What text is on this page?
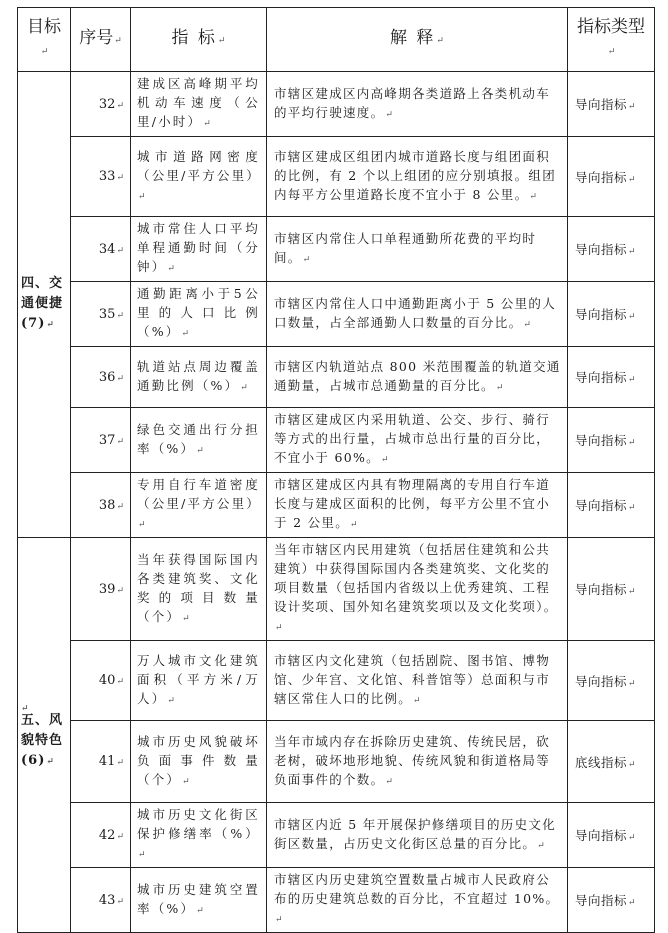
目标↵	序号↵	指 标↵	解 释↵	指标类型↵
四、交通便捷(7)↵	32↵	建成区高峰期平均机动车速度（公里/小时）↵	市辖区建成区内高峰期各类道路上各类机动车的平均行驶速度。↵	导向指标↵
	33↵	城市道路网密度（公里/平方公里）↵	市辖区建成区组团内城市道路长度与组团面积的比例，有 2 个以上组团的应分别填报。组团内每平方公里道路长度不宜小于 8 公里。↵	导向指标↵
	34↵	城市常住人口平均单程通勤时间（分钟）↵	市辖区内常住人口单程通勤所花费的平均时间。↵	导向指标↵
	35↵	通勤距离小于5公里的人口比例（%）↵	市辖区内常住人口中通勤距离小于 5 公里的人口数量，占全部通勤人口数量的百分比。↵	导向指标↵
	36↵	轨道站点周边覆盖通勤比例（%）↵	市辖区内轨道站点 800 米范围覆盖的轨道交通通勤量，占城市总通勤量的百分比。↵	导向指标↵
	37↵	绿色交通出行分担率（%）↵	市辖区建成区内采用轨道、公交、步行、骑行等方式的出行量，占城市总出行量的百分比，不宜小于 60%。↵	导向指标↵
	38↵	专用自行车道密度（公里/平方公里）↵	市辖区建成区内具有物理隔离的专用自行车道长度与建成区面积的比例，每平方公里不宜小于 2 公里。↵	导向指标↵

↵
五、风貌特色(6)↵	39↵	当年获得国际国内各类建筑奖、文化奖的项目数量（个）↵	当年市辖区内民用建筑（包括居住建筑和公共建筑）中获得国际国内各类建筑奖、文化奖的项目数量（包括国内省级以上优秀建筑、工程设计奖项、国外知名建筑奖项以及文化奖项）。↵	导向指标↵
	40↵	万人城市文化建筑面积（平方米/万人）↵	市辖区内文化建筑（包括剧院、图书馆、博物馆、少年宫、文化馆、科普馆等）总面积与市辖区常住人口的比例。↵	导向指标↵
	41↵	城市历史风貌破坏负面事件数量（个）↵	当年市域内存在拆除历史建筑、传统民居，砍老树，破坏地形地貌、传统风貌和街道格局等负面事件的个数。↵	底线指标↵
	42↵	城市历史文化街区保护修缮率（%）↵	市辖区内近 5 年开展保护修缮项目的历史文化街区数量，占历史文化街区总量的百分比。↵	导向指标↵
	43↵	城市历史建筑空置率（%）↵	市辖区内历史建筑空置数量占城市人民政府公布的历史建筑总数的百分比，不宜超过 10%。↵	导向指标↵
